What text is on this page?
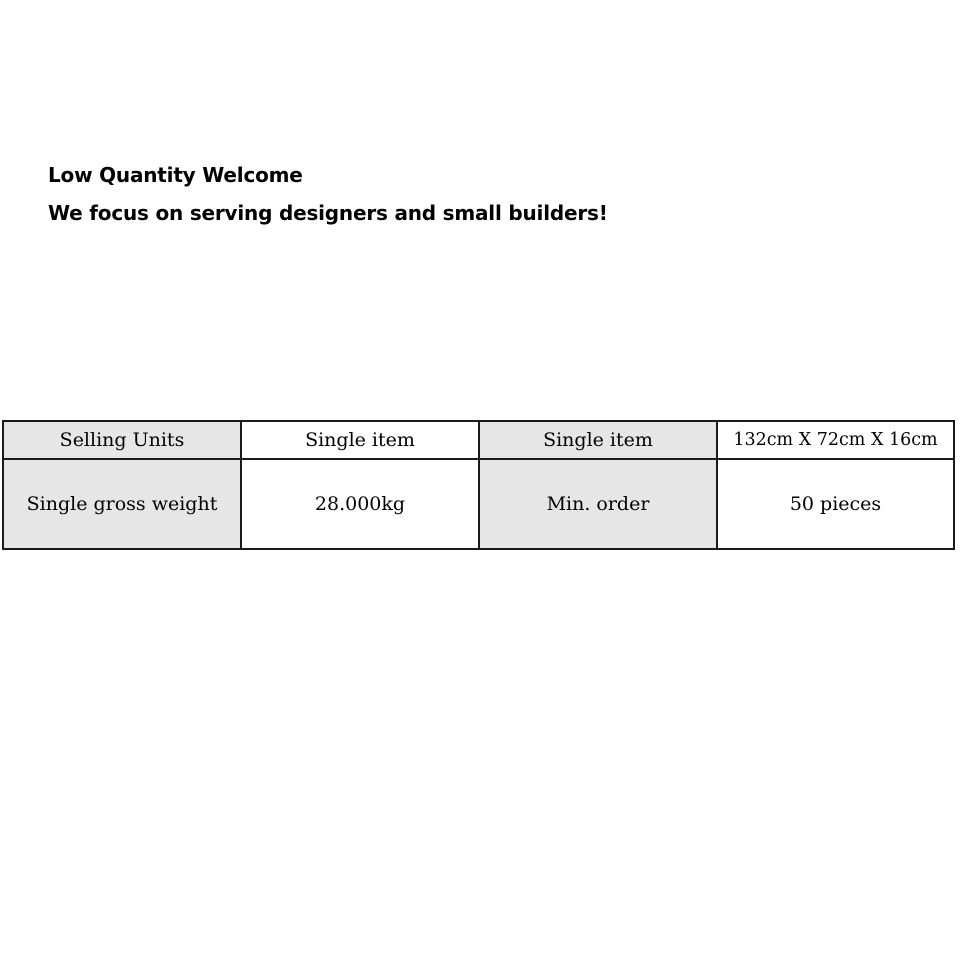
Low Quantity Welcome

We focus on serving designers and small builders!

Selling Units	Single item	Single item	132cm X 72cm X 16cm
Single gross weight	28.000kg	Min. order	50 pieces
